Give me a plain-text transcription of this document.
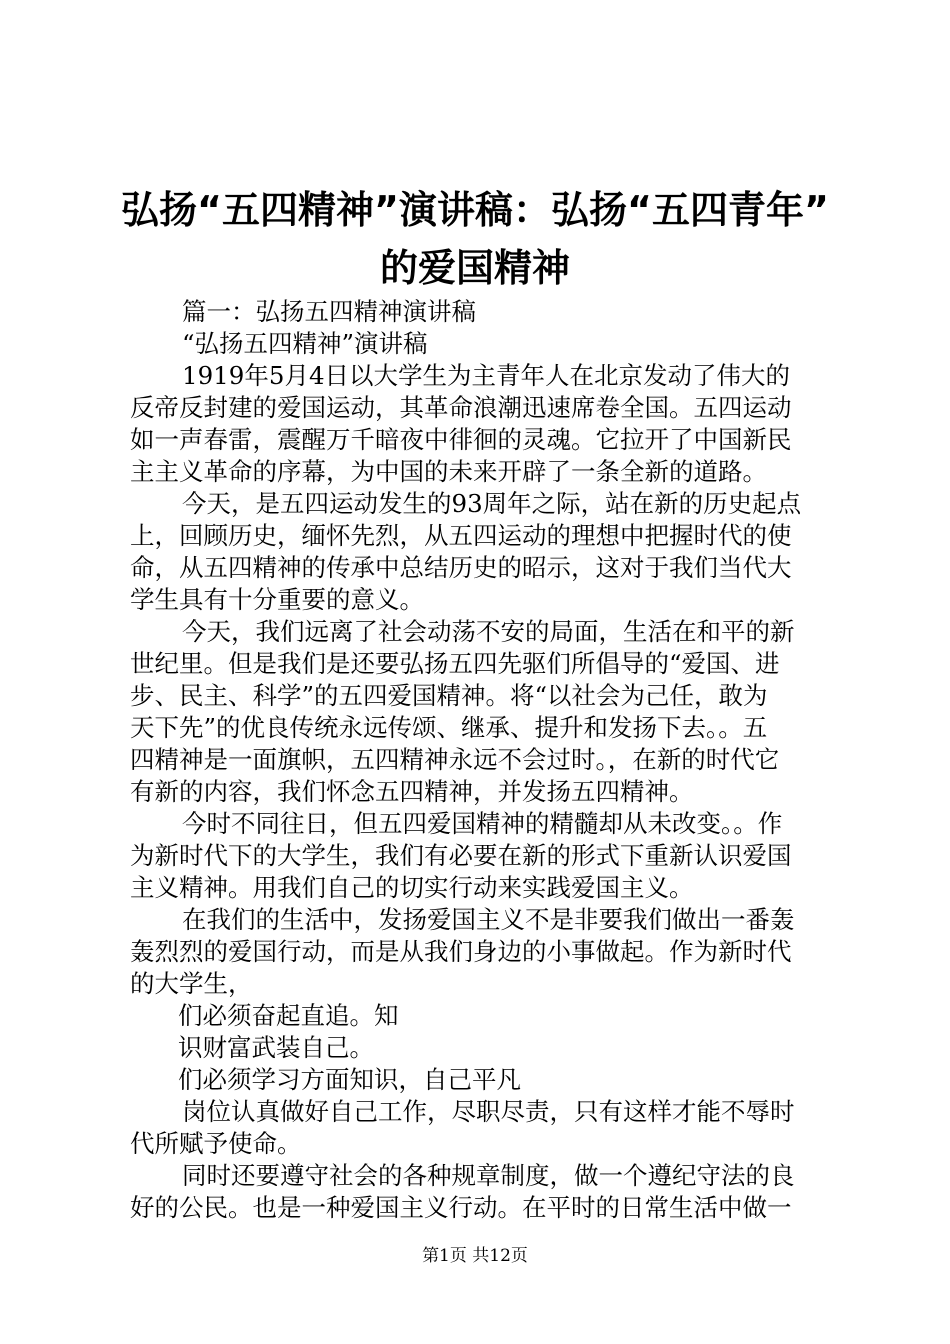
弘扬“五四精神”演讲稿：弘扬“五四青年”
的爱国精神
篇一：弘扬五四精神演讲稿
“弘扬五四精神”演讲稿
1919年5月4日以大学生为主青年人在北京发动了伟大的
反帝反封建的爱国运动，其革命浪潮迅速席卷全国。五四运动
如一声春雷，震醒万千暗夜中徘徊的灵魂。它拉开了中国新民
主主义革命的序幕，为中国的未来开辟了一条全新的道路。
今天，是五四运动发生的93周年之际，站在新的历史起点
上，回顾历史，缅怀先烈，从五四运动的理想中把握时代的使
命，从五四精神的传承中总结历史的昭示，这对于我们当代大
学生具有十分重要的意义。
今天，我们远离了社会动荡不安的局面，生活在和平的新
世纪里。但是我们是还要弘扬五四先驱们所倡导的“爱国、进
步、民主、科学”的五四爱国精神。将“以社会为己任，敢为
天下先”的优良传统永远传颂、继承、提升和发扬下去。。五
四精神是一面旗帜，五四精神永远不会过时。，在新的时代它
有新的内容，我们怀念五四精神，并发扬五四精神。
今时不同往日，但五四爱国精神的精髓却从未改变。。作
为新时代下的大学生，我们有必要在新的形式下重新认识爱国
主义精神。用我们自己的切实行动来实践爱国主义。
在我们的生活中，发扬爱国主义不是非要我们做出一番轰
轰烈烈的爱国行动，而是从我们身边的小事做起。作为新时代
的大学生，
们必须奋起直追。知
识财富武装自己。
们必须学习方面知识，自己平凡
岗位认真做好自己工作，尽职尽责，只有这样才能不辱时
代所赋予使命。
同时还要遵守社会的各种规章制度，做一个遵纪守法的良
好的公民。也是一种爱国主义行动。在平时的日常生活中做一
第1页 共12页
